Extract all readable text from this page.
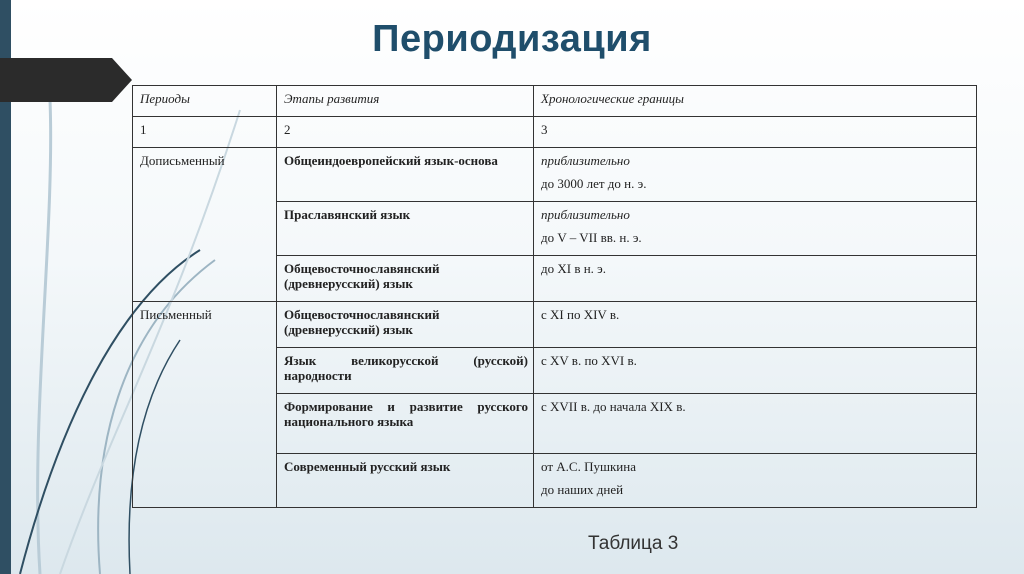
Периодизация
Периоды	Этапы развития	Хронологические границы
1	2	3
Дописьменный	Общеиндоевропейский язык-основа	приблизительно
до 3000 лет до н. э.

	Праславянский язык	приблизительно
до V – VII вв. н. э.

	Общевосточнославянский (древнерусский) язык	до XI в н. э.
Письменный	Общевосточнославянский (древнерусский) язык	с XI по XIV в.
	Язык великорусской (русской) народности	с XV в. по XVI в.
	Формирование и развитие русского национального языка	с XVII в. до начала XIX в.
	Современный русский язык	от А.С. Пушкина
до наших дней
Таблица 3
